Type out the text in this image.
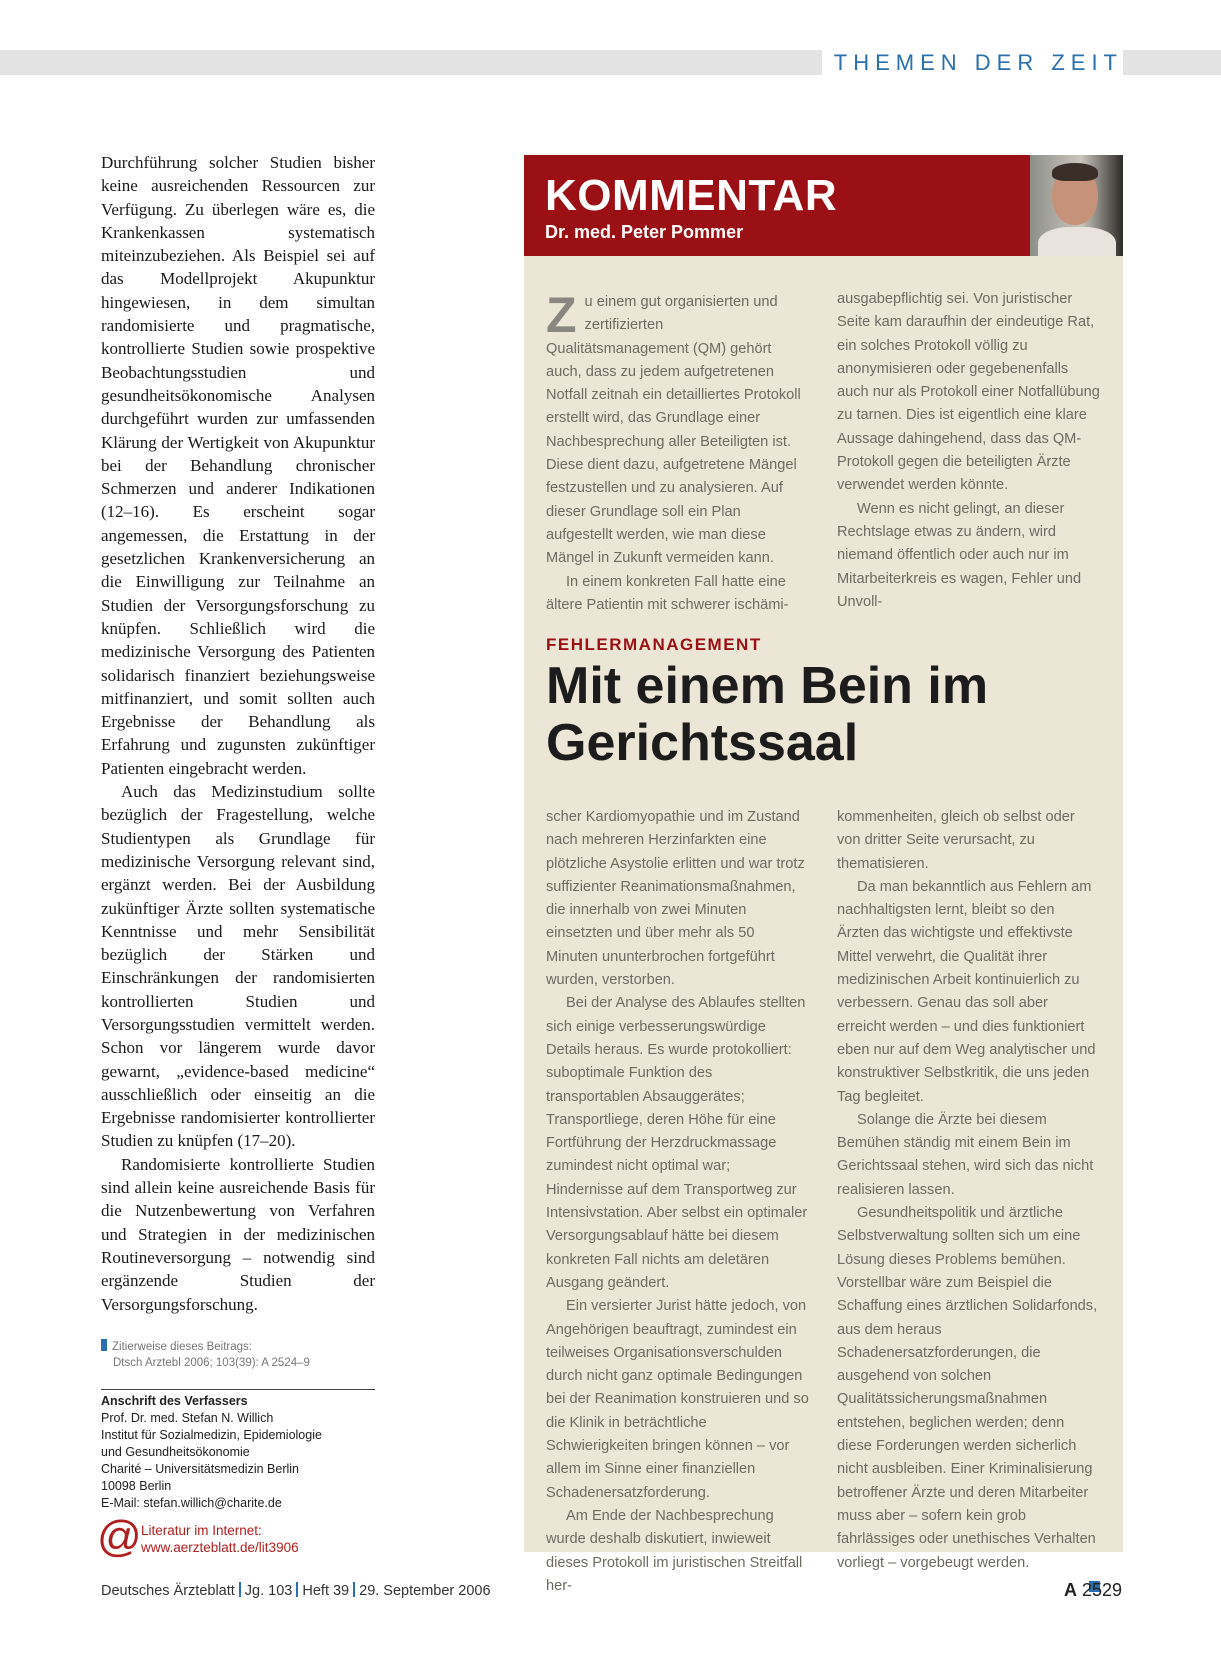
THEMEN DER ZEIT

Durchführung solcher Studien bisher keine ausreichenden Ressourcen zur Verfügung. Zu überlegen wäre es, die Krankenkassen systematisch miteinzubeziehen. Als Beispiel sei auf das Modellprojekt Akupunktur hingewiesen, in dem simultan randomisierte und pragmatische, kontrollierte Studien sowie prospektive Beobachtungsstudien und gesundheitsökonomische Analysen durchgeführt wurden zur umfassenden Klärung der Wertigkeit von Akupunktur bei der Behandlung chronischer Schmerzen und anderer Indikationen (12–16). Es erscheint sogar angemessen, die Erstattung in der gesetzlichen Krankenversicherung an die Einwilligung zur Teilnahme an Studien der Versorgungsforschung zu knüpfen. Schließlich wird die medizinische Versorgung des Patienten solidarisch finanziert beziehungsweise mitfinanziert, und somit sollten auch Ergebnisse der Behandlung als Erfahrung und zugunsten zukünftiger Patienten eingebracht werden.

Auch das Medizinstudium sollte bezüglich der Fragestellung, welche Studientypen als Grundlage für medizinische Versorgung relevant sind, ergänzt werden. Bei der Ausbildung zukünftiger Ärzte sollten systematische Kenntnisse und mehr Sensibilität bezüglich der Stärken und Einschränkungen der randomisierten kontrollierten Studien und Versorgungsstudien vermittelt werden. Schon vor längerem wurde davor gewarnt, „evidence-based medicine“ ausschließlich oder einseitig an die Ergebnisse randomisierter kontrollierter Studien zu knüpfen (17–20).

Randomisierte kontrollierte Studien sind allein keine ausreichende Basis für die Nutzenbewertung von Verfahren und Strategien in der medizinischen Routineversorgung – notwendig sind ergänzende Studien der Versorgungsforschung.

Zitierweise dieses Beitrags:
Dtsch Arztebl 2006; 103(39): A 2524–9
Anschrift des Verfassers
Prof. Dr. med. Stefan N. Willich
Institut für Sozialmedizin, Epidemiologie
und Gesundheitsökonomie
Charité – Universitätsmedizin Berlin
10098 Berlin
E-Mail: stefan.willich@charite.de
@ Literatur im Internet:
www.aerzteblatt.de/lit3906
KOMMENTAR
Dr. med. Peter Pommer
Z u einem gut organisierten und zertifizierten Qualitätsmanagement (QM) gehört auch, dass zu jedem aufgetretenen Notfall zeitnah ein detailliertes Protokoll erstellt wird, das Grundlage einer Nachbesprechung aller Beteiligten ist. Diese dient dazu, aufgetretene Mängel festzustellen und zu analysieren. Auf dieser Grundlage soll ein Plan aufgestellt werden, wie man diese Mängel in Zukunft vermeiden kann.

In einem konkreten Fall hatte eine ältere Patientin mit schwerer ischämi-

ausgabepflichtig sei. Von juristischer Seite kam daraufhin der eindeutige Rat, ein solches Protokoll völlig zu anonymisieren oder gegebenenfalls auch nur als Protokoll einer Notfallübung zu tarnen. Dies ist eigentlich eine klare Aussage dahingehend, dass das QM-Protokoll gegen die beteiligten Ärzte verwendet werden könnte.

Wenn es nicht gelingt, an dieser Rechtslage etwas zu ändern, wird niemand öffentlich oder auch nur im Mitarbeiterkreis es wagen, Fehler und Unvoll-

FEHLERMANAGEMENT
Mit einem Bein im Gerichtssaal

scher Kardiomyopathie und im Zustand nach mehreren Herzinfarkten eine plötzliche Asystolie erlitten und war trotz suffizienter Reanimationsmaßnahmen, die innerhalb von zwei Minuten einsetzten und über mehr als 50 Minuten ununterbrochen fortgeführt wurden, verstorben.

Bei der Analyse des Ablaufes stellten sich einige verbesserungswürdige Details heraus. Es wurde protokolliert: suboptimale Funktion des transportablen Absauggerätes; Transportliege, deren Höhe für eine Fortführung der Herzdruckmassage zumindest nicht optimal war; Hindernisse auf dem Transportweg zur Intensivstation. Aber selbst ein optimaler Versorgungsablauf hätte bei diesem konkreten Fall nichts am deletären Ausgang geändert.

Ein versierter Jurist hätte jedoch, von Angehörigen beauftragt, zumindest ein teilweises Organisationsverschulden durch nicht ganz optimale Bedingungen bei der Reanimation konstruieren und so die Klinik in beträchtliche Schwierigkeiten bringen können – vor allem im Sinne einer finanziellen Schadenersatzforderung.

Am Ende der Nachbesprechung wurde deshalb diskutiert, inwieweit dieses Protokoll im juristischen Streitfall her-

kommenheiten, gleich ob selbst oder von dritter Seite verursacht, zu thematisieren.

Da man bekanntlich aus Fehlern am nachhaltigsten lernt, bleibt so den Ärzten das wichtigste und effektivste Mittel verwehrt, die Qualität ihrer medizinischen Arbeit kontinuierlich zu verbessern. Genau das soll aber erreicht werden – und dies funktioniert eben nur auf dem Weg analytischer und konstruktiver Selbstkritik, die uns jeden Tag begleitet.

Solange die Ärzte bei diesem Bemühen ständig mit einem Bein im Gerichtssaal stehen, wird sich das nicht realisieren lassen.

Gesundheitspolitik und ärztliche Selbstverwaltung sollten sich um eine Lösung dieses Problems bemühen. Vorstellbar wäre zum Beispiel die Schaffung eines ärztlichen Solidarfonds, aus dem heraus Schadenersatzforderungen, die ausgehend von solchen Qualitätssicherungsmaßnahmen entstehen, beglichen werden; denn diese Forderungen werden sicherlich nicht ausbleiben. Einer Kriminalisierung betroffener Ärzte und deren Mitarbeiter muss aber – sofern kein grob fahrlässiges oder unethisches Verhalten vorliegt – vorgebeugt werden.

Deutsches Ärzteblatt Jg. 103 Heft 39 29. September 2006	A 2529
